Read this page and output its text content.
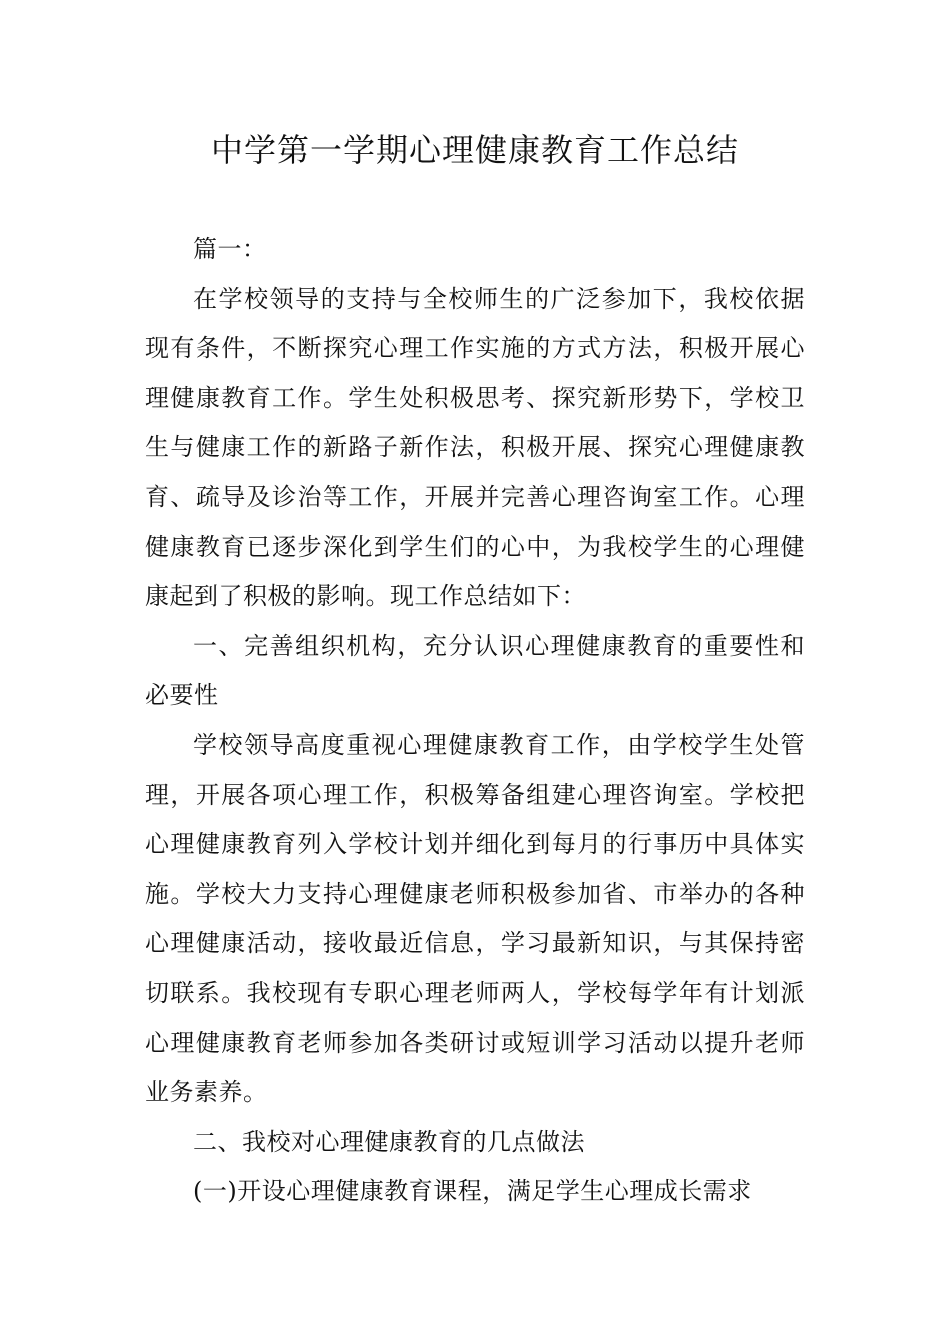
中学第一学期心理健康教育工作总结

篇一：

在学校领导的支持与全校师生的广泛参加下，我校依据现有条件，不断探究心理工作实施的方式方法，积极开展心理健康教育工作。学生处积极思考、探究新形势下，学校卫生与健康工作的新路子新作法，积极开展、探究心理健康教育、疏导及诊治等工作，开展并完善心理咨询室工作。心理健康教育已逐步深化到学生们的心中，为我校学生的心理健康起到了积极的影响。现工作总结如下：

一、完善组织机构，充分认识心理健康教育的重要性和必要性

学校领导高度重视心理健康教育工作，由学校学生处管理，开展各项心理工作，积极筹备组建心理咨询室。学校把心理健康教育列入学校计划并细化到每月的行事历中具体实施。学校大力支持心理健康老师积极参加省、市举办的各种心理健康活动，接收最近信息，学习最新知识，与其保持密切联系。我校现有专职心理老师两人，学校每学年有计划派心理健康教育老师参加各类研讨或短训学习活动以提升老师业务素养。

二、我校对心理健康教育的几点做法

(一)开设心理健康教育课程，满足学生心理成长需求
